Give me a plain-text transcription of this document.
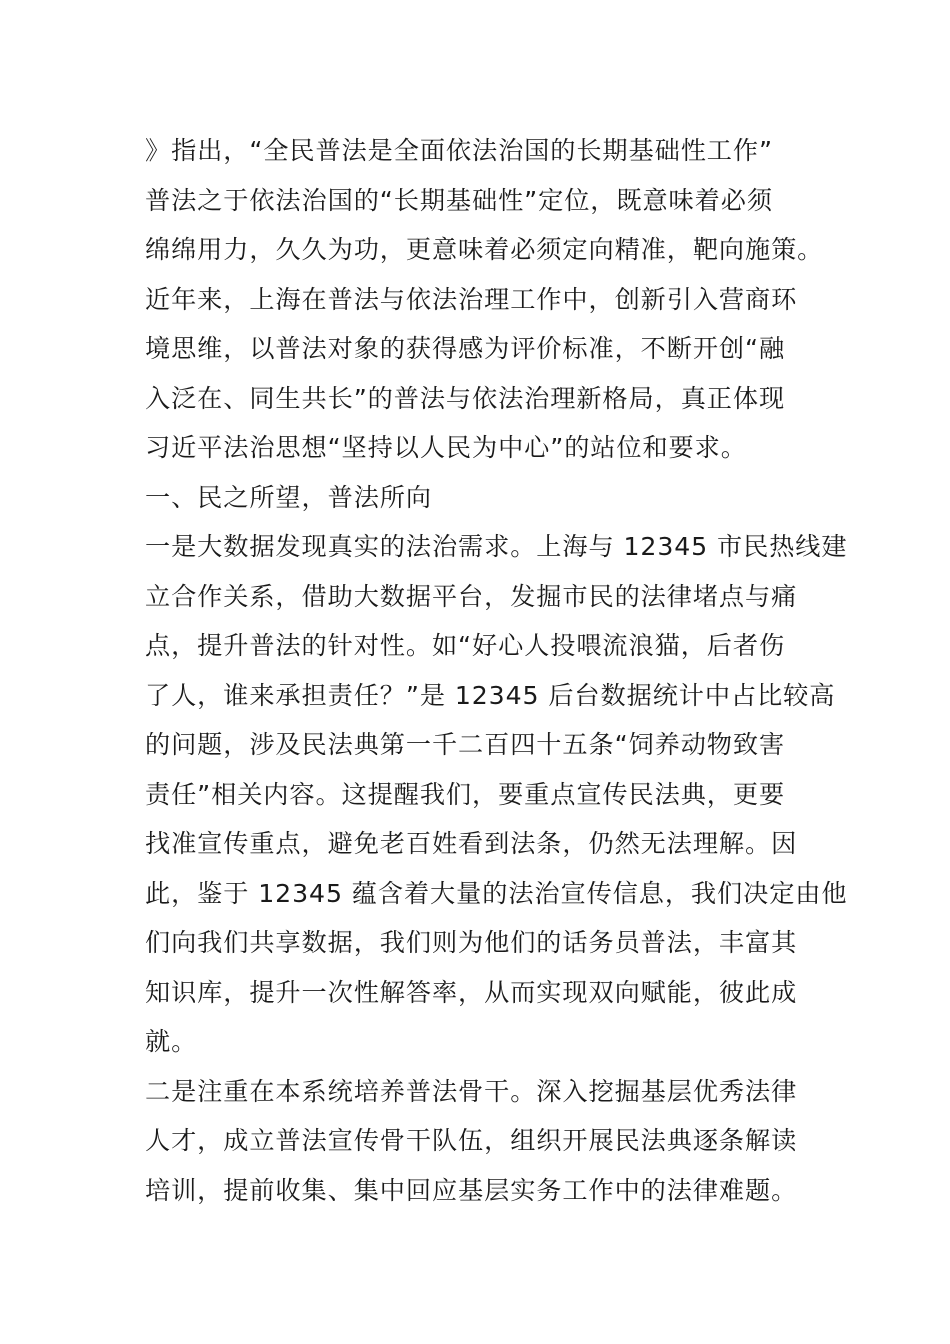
》指出，“全民普法是全面依法治国的长期基础性工作”
普法之于依法治国的“长期基础性”定位，既意味着必须
绵绵用力，久久为功，更意味着必须定向精准，靶向施策。
近年来，上海在普法与依法治理工作中，创新引入营商环
境思维，以普法对象的获得感为评价标准，不断开创“融
入泛在、同生共长”的普法与依法治理新格局，真正体现
习近平法治思想“坚持以人民为中心”的站位和要求。
一、民之所望，普法所向
一是大数据发现真实的法治需求。上海与 12345 市民热线建
立合作关系，借助大数据平台，发掘市民的法律堵点与痛
点，提升普法的针对性。如“好心人投喂流浪猫，后者伤
了人，谁来承担责任？”是 12345 后台数据统计中占比较高
的问题，涉及民法典第一千二百四十五条“饲养动物致害
责任”相关内容。这提醒我们，要重点宣传民法典，更要
找准宣传重点，避免老百姓看到法条，仍然无法理解。因
此，鉴于 12345 蕴含着大量的法治宣传信息，我们决定由他
们向我们共享数据，我们则为他们的话务员普法，丰富其
知识库，提升一次性解答率，从而实现双向赋能，彼此成
就。
二是注重在本系统培养普法骨干。深入挖掘基层优秀法律
人才，成立普法宣传骨干队伍，组织开展民法典逐条解读
培训，提前收集、集中回应基层实务工作中的法律难题。
